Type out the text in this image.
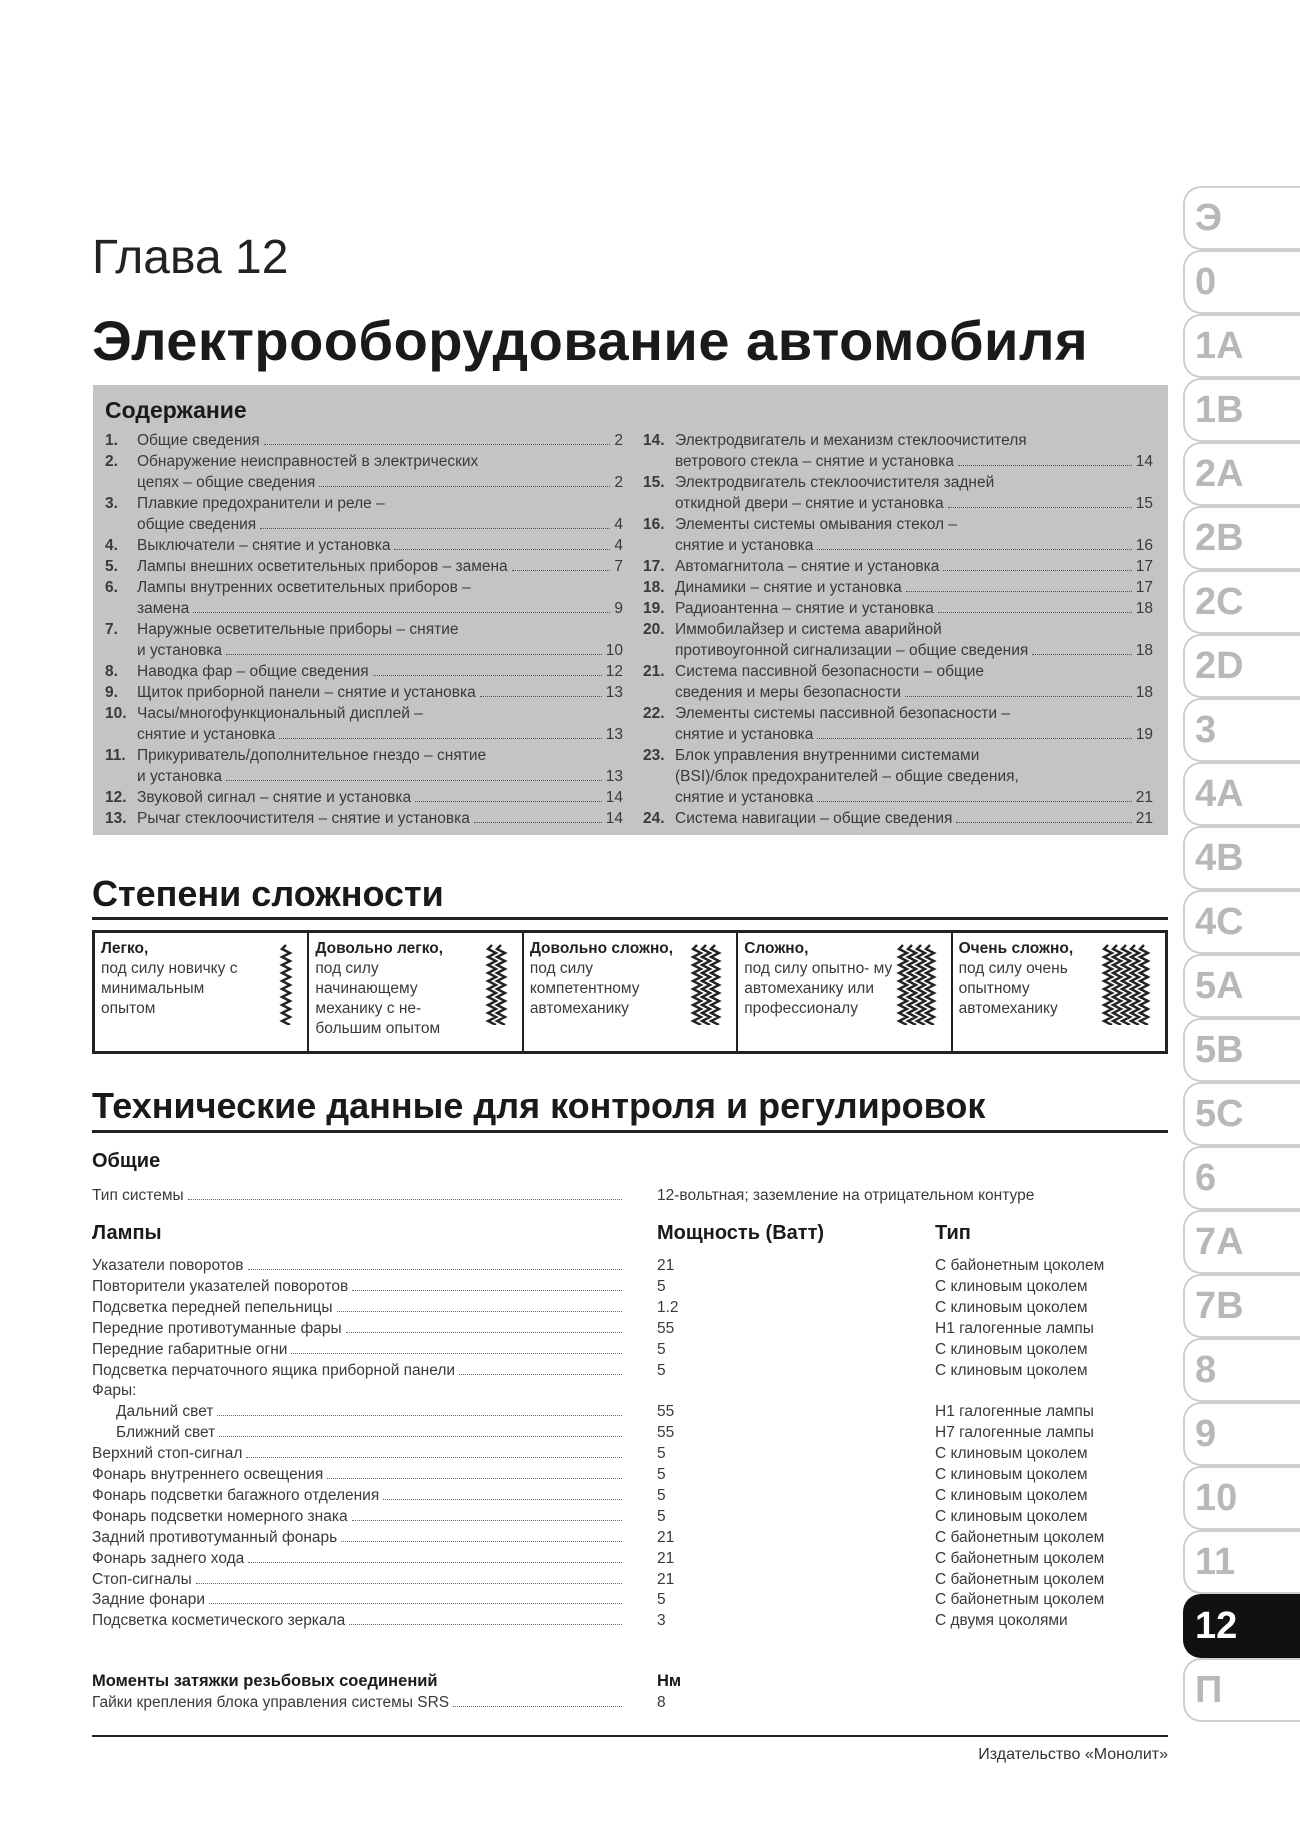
Глава 12
Электрооборудование автомобиля
Содержание
1.	Общие сведения	2
2.	Обнаружение неисправностей в электрических
цепях – общие сведения	2
3.	Плавкие предохранители и реле –
общие сведения	4
4.	Выключатели – снятие и установка	4
5.	Лампы внешних осветительных приборов – замена	7
6.	Лампы внутренних осветительных приборов –
замена	9
7.	Наружные осветительные приборы – снятие
и установка	10
8.	Наводка фар – общие сведения	12
9.	Щиток приборной панели – снятие и установка	13
10. Часы/многофункциональный дисплей –
снятие и установка	13
11. Прикуриватель/дополнительное гнездо – снятие
и установка	13
12. Звуковой сигнал – снятие и установка	14
13. Рычаг стеклоочистителя – снятие и установка	14
14. Электродвигатель и механизм стеклоочистителя
ветрового стекла – снятие и установка	14
15. Электродвигатель стеклоочистителя задней
откидной двери – снятие и установка	15
16. Элементы системы омывания стекол –
снятие и установка	16
17. Автомагнитола – снятие и установка	17
18. Динамики – снятие и установка	17
19. Радиоантенна – снятие и установка	18
20. Иммобилайзер и система аварийной
противоугонной сигнализации – общие сведения	18
21. Система пассивной безопасности – общие
сведения и меры безопасности	18
22. Элементы системы пассивной безопасности –
снятие и установка	19
23. Блок управления внутренними системами
(BSI)/блок предохранителей – общие сведения,
снятие и установка	21
24. Система навигации – общие сведения	21
Степени сложности
Легко,
под силу новичку с минимальным опытом
Довольно легко,
под силу начинающему механику с не- большим опытом
Довольно сложно,
под силу компетентному автомеханику
Сложно,
под силу опытно- му автомеханику или профессионалу
Очень сложно,
под силу очень опытному автомеханику
Технические данные для контроля и регулировок
Общие
Тип системы	12-вольтная; заземление на отрицательном контуре
Лампы	Мощность (Ватт)	Тип
Указатели поворотов	21	С байонетным цоколем
Повторители указателей поворотов	5	С клиновым цоколем
Подсветка передней пепельницы	1.2	С клиновым цоколем
Передние противотуманные фары	55	H1 галогенные лампы
Передние габаритные огни	5	С клиновым цоколем
Подсветка перчаточного ящика приборной панели	5	С клиновым цоколем
Фары:
Дальний свет	55	H1 галогенные лампы
Ближний свет	55	H7 галогенные лампы
Верхний стоп-сигнал	5	С клиновым цоколем
Фонарь внутреннего освещения	5	С клиновым цоколем
Фонарь подсветки багажного отделения	5	С клиновым цоколем
Фонарь подсветки номерного знака	5	С клиновым цоколем
Задний противотуманный фонарь	21	С байонетным цоколем
Фонарь заднего хода	21	С байонетным цоколем
Стоп-сигналы	21	С байонетным цоколем
Задние фонари	5	С байонетным цоколем
Подсветка косметического зеркала	3	С двумя цоколями
Моменты затяжки резьбовых соединений	Нм
Гайки крепления блока управления системы SRS	8
Издательство «Монолит»
Э
0
1A
1B
2A
2B
2C
2D
3
4A
4B
4C
5A
5B
5C
6
7A
7B
8
9
10
11
12
П
